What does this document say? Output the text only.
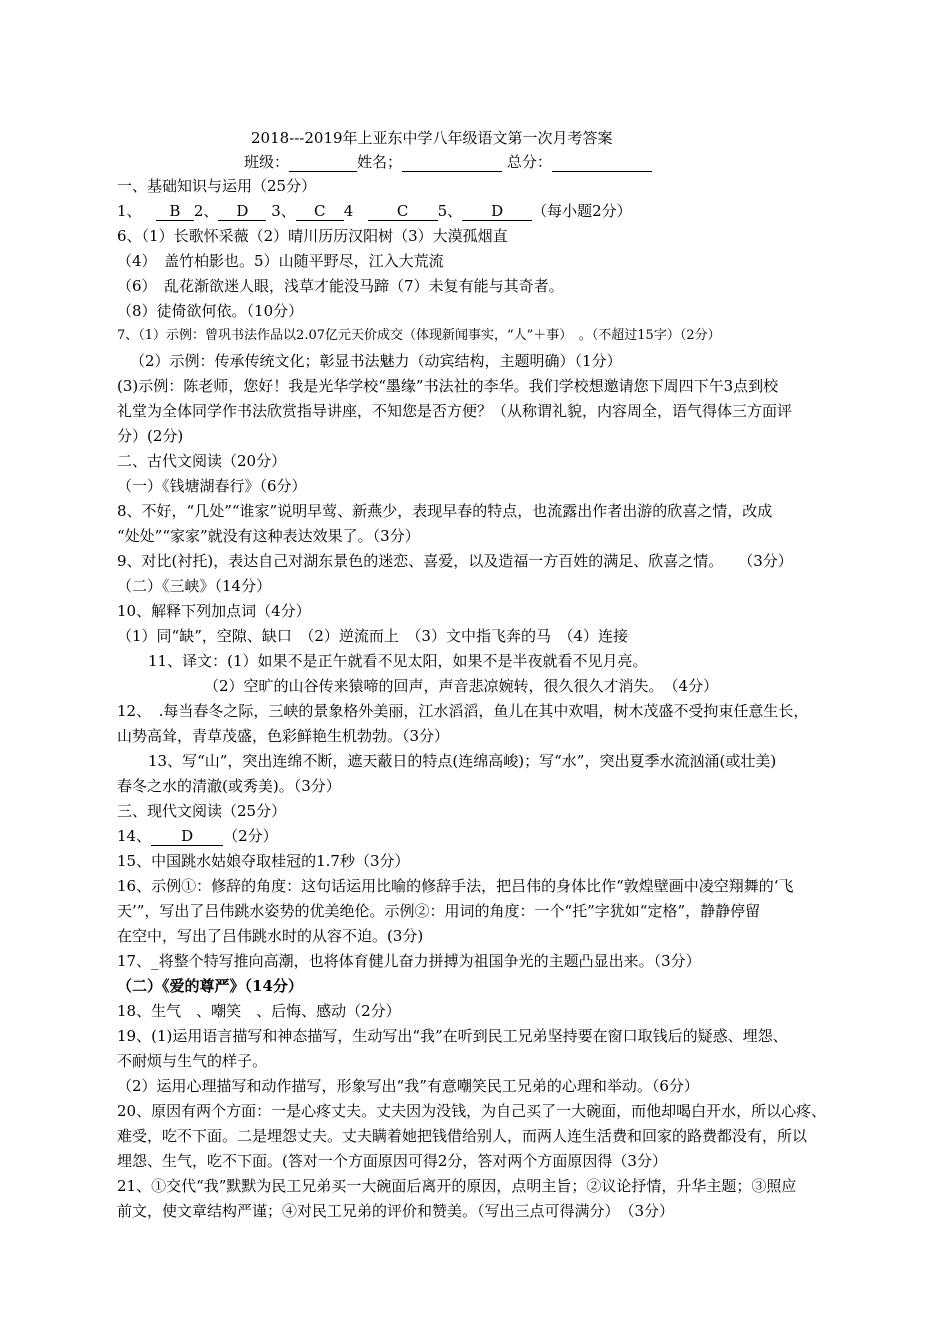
2018---2019年上亚东中学八年级语文第一次月考答案
班级：	姓名；	总分：
一、基础知识与运用（25分）
1、 B 2、 D 3、 C 4	C 5、 D （每小题2分）
6、（1）长歌怀采薇（2）晴川历历汉阳树（3）大漠孤烟直
（4）　盖竹柏影也。5）山随平野尽，江入大荒流
（6）　乱花渐欲迷人眼，浅草才能没马蹄（7）未复有能与其奇者。
（8）徒倚欲何依。（10分）
7、（1）示例：曾巩书法作品以2.07亿元天价成交（体现新闻事实，“人”＋事）　。（不超过15字）（2分）
（2）示例：传承传统文化；彰显书法魅力（动宾结构，主题明确）（1分）
(3)示例：陈老师，您好！我是光华学校“墨缘”书法社的李华。我们学校想邀请您下周四下午3点到校
礼堂为全体同学作书法欣赏指导讲座，不知您是否方便？（从称谓礼貌，内容周全，语气得体三方面评
分）(2分)
二、古代文阅读（20分）
（一）《钱塘湖春行》（6分）
8、不好，“几处”“谁家”说明早莺、新燕少，表现早春的特点，也流露出作者出游的欣喜之情，改成
“处处”“家家”就没有这种表达效果了。（3分）
9、对比(衬托)，表达自己对湖东景色的迷恋、喜爱，以及造福一方百姓的满足、欣喜之情。　　（3分）
（二）《三峡》（14分）
10、解释下列加点词（4分）
（1）同“缺”，空隙、缺口　（2）逆流而上　（3）文中指飞奔的马　（4）连接
11、译文：(1）如果不是正午就看不见太阳，如果不是半夜就看不见月亮。
（2）空旷的山谷传来猿啼的回声，声音悲凉婉转，很久很久才消失。　（4分）
12、　.每当春冬之际，三峡的景象格外美丽，江水滔滔，鱼儿在其中欢唱，树木茂盛不受拘束任意生长，
山势高耸，青草茂盛，色彩鲜艳生机勃勃。（3分）
13、写“山”，突出连绵不断，遮天蔽日的特点(连绵高峻)；写“水”，突出夏季水流汹涌(或壮美)
春冬之水的清澈(或秀美)。（3分）
三、现代文阅读（25分）
14、 D （2分）
15、中国跳水姑娘夺取桂冠的1.7秒（3分）
16、示例①：修辞的角度：这句话运用比喻的修辞手法，把吕伟的身体比作“敦煌壁画中凌空翔舞的‘飞
天’”，写出了吕伟跳水姿势的优美绝伦。示例②：用词的角度：一个“托”字犹如“定格”，静静停留
在空中，写出了吕伟跳水时的从容不迫。(3分)
17、_将整个特写推向高潮，也将体育健儿奋力拼搏为祖国争光的主题凸显出来。（3分）
（二）《爱的尊严》（14分）
18、生气　、嘲笑　、后悔、感动（2分）
19、(1)运用语言描写和神态描写，生动写出“我”在听到民工兄弟坚持要在窗口取钱后的疑惑、埋怨、
不耐烦与生气的样子。
（2）运用心理描写和动作描写，形象写出“我”有意嘲笑民工兄弟的心理和举动。（6分）
20、原因有两个方面：一是心疼丈夫。丈夫因为没钱，为自己买了一大碗面，而他却喝白开水，所以心疼、
难受，吃不下面。二是埋怨丈夫。丈夫瞒着她把钱借给别人，而两人连生活费和回家的路费都没有，所以
埋怨、生气，吃不下面。(答对一个方面原因可得2分，答对两个方面原因得（3分）
21、①交代“我”默默为民工兄弟买一大碗面后离开的原因，点明主旨；②议论抒情，升华主题；③照应
前文，使文章结构严谨；④对民工兄弟的评价和赞美。（写出三点可得满分）　（3分）
